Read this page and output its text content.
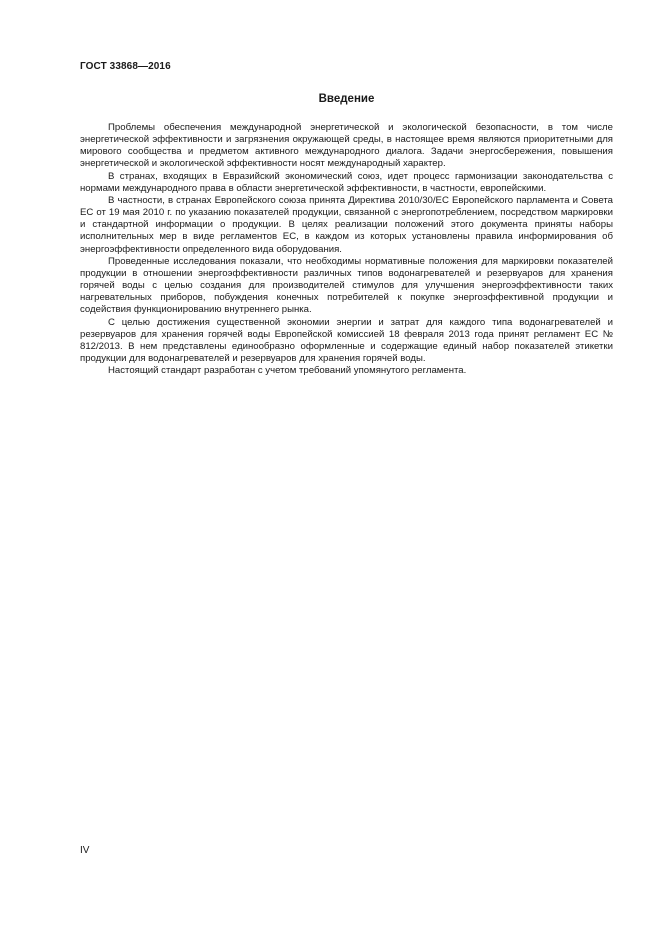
ГОСТ 33868—2016
Введение

Проблемы обеспечения международной энергетической и экологической безопасности, в том числе энергетической эффективности и загрязнения окружающей среды, в настоящее время являются приоритетными для мирового сообщества и предметом активного международного диалога. Задачи энергосбережения, повышения энергетической и экологической эффективности носят международный характер.

В странах, входящих в Евразийский экономический союз, идет процесс гармонизации законодательства с нормами международного права в области энергетической эффективности, в частности, европейскими.

В частности, в странах Европейского союза принята Директива 2010/30/ЕС Европейского парламента и Совета ЕС от 19 мая 2010 г. по указанию показателей продукции, связанной с энергопотреблением, посредством маркировки и стандартной информации о продукции. В целях реализации положений этого документа приняты наборы исполнительных мер в виде регламентов ЕС, в каждом из которых установлены правила информирования об энергоэффективности определенного вида оборудования.

Проведенные исследования показали, что необходимы нормативные положения для маркировки показателей продукции в отношении энергоэффективности различных типов водонагревателей и резервуаров для хранения горячей воды с целью создания для производителей стимулов для улучшения энергоэффективности таких нагревательных приборов, побуждения конечных потребителей к покупке энергоэффективной продукции и содействия функционированию внутреннего рынка.

С целью достижения существенной экономии энергии и затрат для каждого типа водонагревателей и резервуаров для хранения горячей воды Европейской комиссией 18 февраля 2013 года принят регламент ЕС № 812/2013. В нем представлены единообразно оформленные и содержащие единый набор показателей этикетки продукции для водонагревателей и резервуаров для хранения горячей воды.

Настоящий стандарт разработан с учетом требований упомянутого регламента.

IV
